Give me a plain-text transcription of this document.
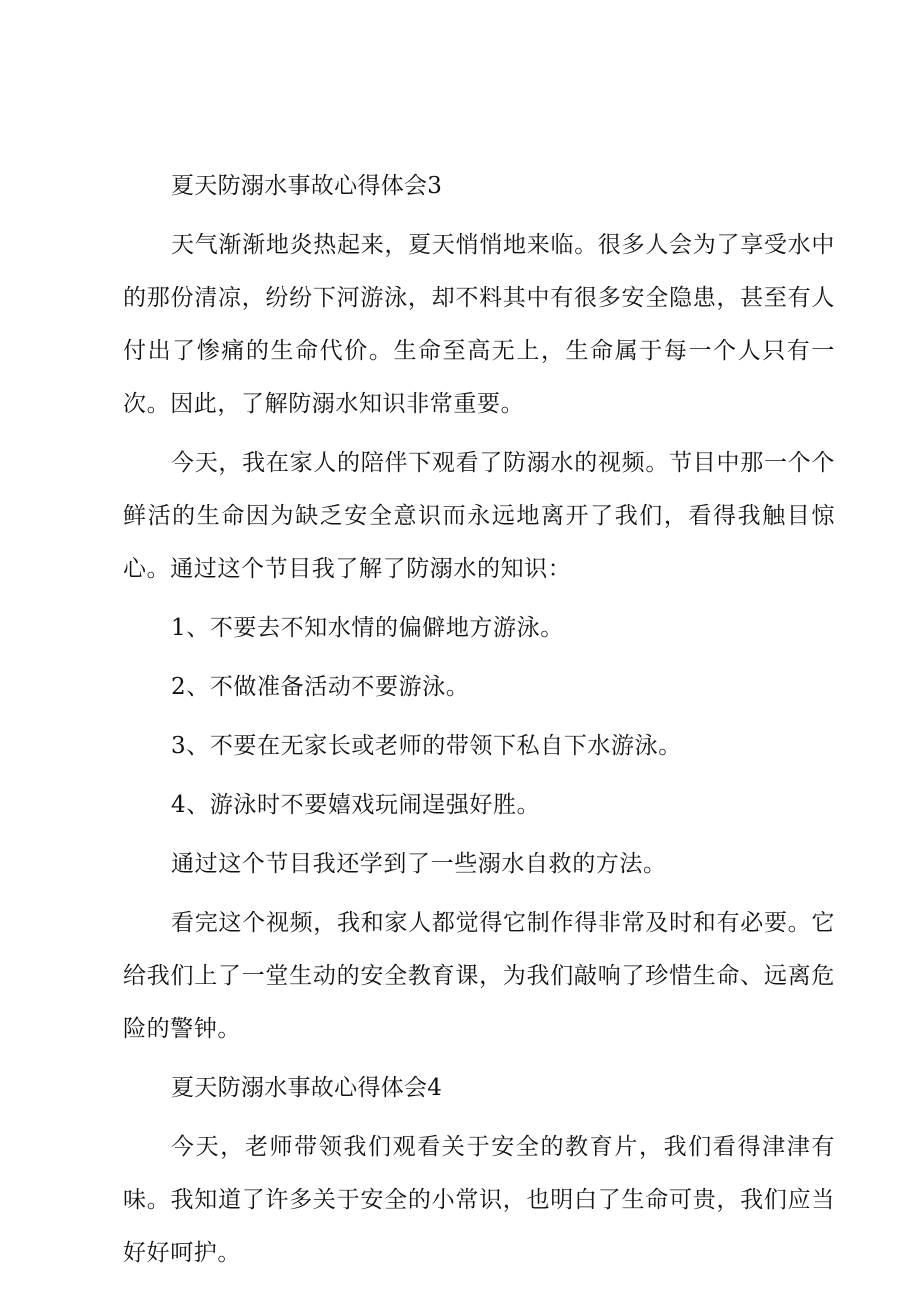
夏天防溺水事故心得体会3

天气渐渐地炎热起来，夏天悄悄地来临。很多人会为了享受水中的那份清凉，纷纷下河游泳，却不料其中有很多安全隐患，甚至有人付出了惨痛的生命代价。生命至高无上，生命属于每一个人只有一次。因此，了解防溺水知识非常重要。

今天，我在家人的陪伴下观看了防溺水的视频。节目中那一个个鲜活的生命因为缺乏安全意识而永远地离开了我们，看得我触目惊心。通过这个节目我了解了防溺水的知识：

1、不要去不知水情的偏僻地方游泳。

2、不做准备活动不要游泳。

3、不要在无家长或老师的带领下私自下水游泳。

4、游泳时不要嬉戏玩闹逞强好胜。

通过这个节目我还学到了一些溺水自救的方法。

看完这个视频，我和家人都觉得它制作得非常及时和有必要。它给我们上了一堂生动的安全教育课，为我们敲响了珍惜生命、远离危险的警钟。

夏天防溺水事故心得体会4

今天，老师带领我们观看关于安全的教育片，我们看得津津有味。我知道了许多关于安全的小常识，也明白了生命可贵，我们应当好好呵护。
